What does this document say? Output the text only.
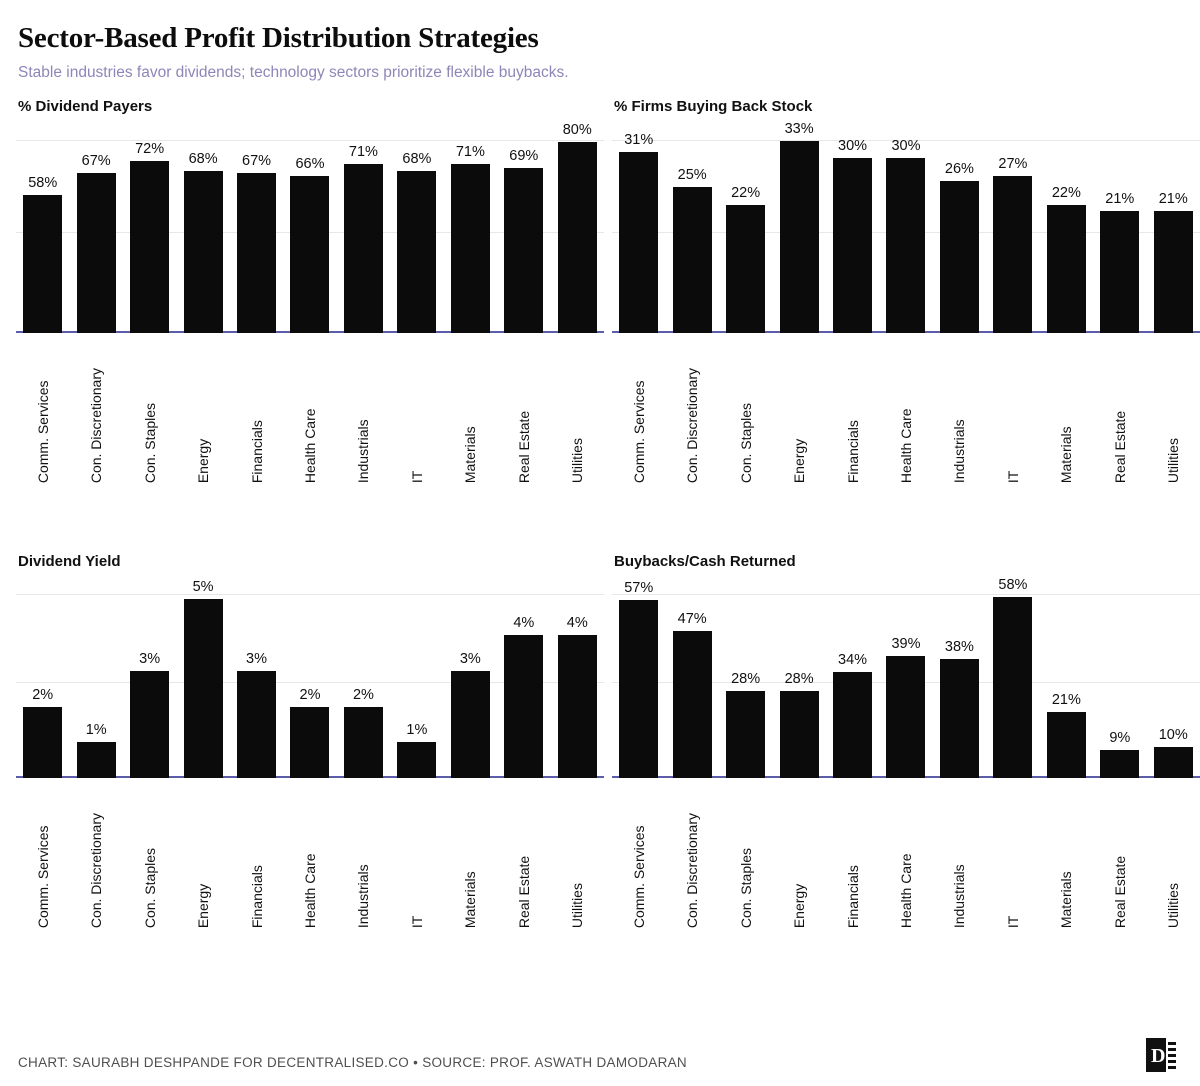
Sector-Based Profit Distribution Strategies
Stable industries favor dividends; technology sectors prioritize flexible buybacks.
% Dividend Payers
58%
67%
72%
68%	67%	66%
71%	68%	71%	69%
80%
Comm. Services	Con. Discretionary	Con. Staples	Energy	Financials	Health Care	Industrials	IT	Materials	Real Estate	Utilities
% Firms Buying Back Stock
31%
25%
22%
33%
30%	30%
26%	27%
22%	21%	21%
Comm. Services	Con. Discretionary	Con. Staples	Energy	Financials	Health Care	Industrials	IT	Materials	Real Estate	Utilities
Dividend Yield
2%
1%
3%
5%
3%
2%	2%
1%
3%
4%	4%
Comm. Services	Con. Discretionary	Con. Staples	Energy	Financials	Health Care	Industrials	IT	Materials	Real Estate	Utilities
Buybacks/Cash Returned
57%
47%
28%	28%
34%
39%	38%
58%
21%
9%	10%
Comm. Services	Con. Discretionary	Con. Staples	Energy	Financials	Health Care	Industrials	IT	Materials	Real Estate	Utilities
CHART: SAURABH DESHPANDE FOR DECENTRALISED.CO • SOURCE: PROF. ASWATH DAMODARAN	D
